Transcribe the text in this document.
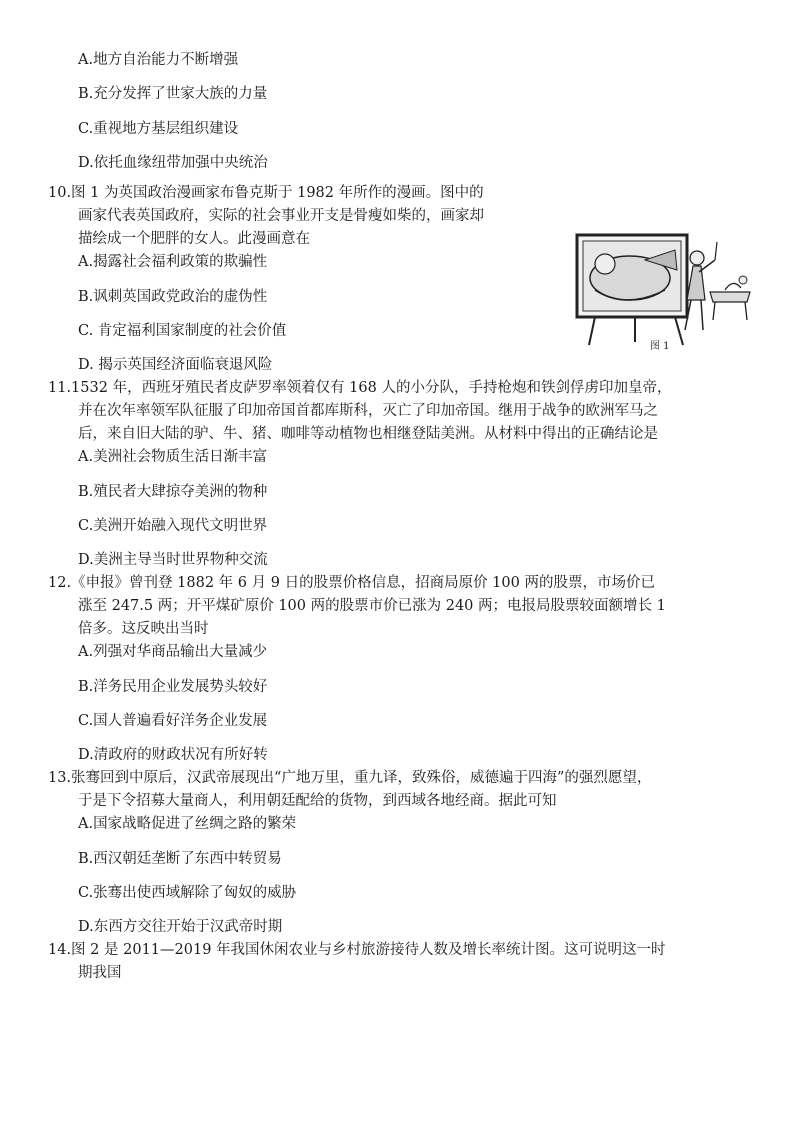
A.地方自治能力不断增强
B.充分发挥了世家大族的力量
C.重视地方基层组织建设
D.依托血缘纽带加强中央统治
10.图 1 为英国政治漫画家布鲁克斯于 1982 年所作的漫画。图中的
画家代表英国政府，实际的社会事业开支是骨瘦如柴的，画家却
描绘成一个肥胖的女人。此漫画意在
A.揭露社会福利政策的欺骗性
B.讽刺英国政党政治的虚伪性
C. 肯定福利国家制度的社会价值
D. 揭示英国经济面临衰退风险
图 1
11.1532 年，西班牙殖民者皮萨罗率领着仅有 168 人的小分队，手持枪炮和铁剑俘虏印加皇帝，
并在次年率领军队征服了印加帝国首都库斯科，灭亡了印加帝国。继用于战争的欧洲军马之
后，来自旧大陆的驴、牛、猪、咖啡等动植物也相继登陆美洲。从材料中得出的正确结论是
A.美洲社会物质生活日渐丰富
B.殖民者大肆掠夺美洲的物种
C.美洲开始融入现代文明世界
D.美洲主导当时世界物种交流
12.《申报》曾刊登 1882 年 6 月 9 日的股票价格信息，招商局原价 100 两的股票，市场价已
涨至 247.5 两；开平煤矿原价 100 两的股票市价已涨为 240 两；电报局股票较面额增长 1
倍多。这反映出当时
A.列强对华商品输出大量减少
B.洋务民用企业发展势头较好
C.国人普遍看好洋务企业发展
D.清政府的财政状况有所好转
13.张骞回到中原后，汉武帝展现出“广地万里，重九译，致殊俗，威德遍于四海”的强烈愿望，
于是下令招募大量商人，利用朝廷配给的货物，到西域各地经商。据此可知
A.国家战略促进了丝绸之路的繁荣
B.西汉朝廷垄断了东西中转贸易
C.张骞出使西域解除了匈奴的威胁
D.东西方交往开始于汉武帝时期
14.图 2 是 2011—2019 年我国休闲农业与乡村旅游接待人数及增长率统计图。这可说明这一时
期我国
